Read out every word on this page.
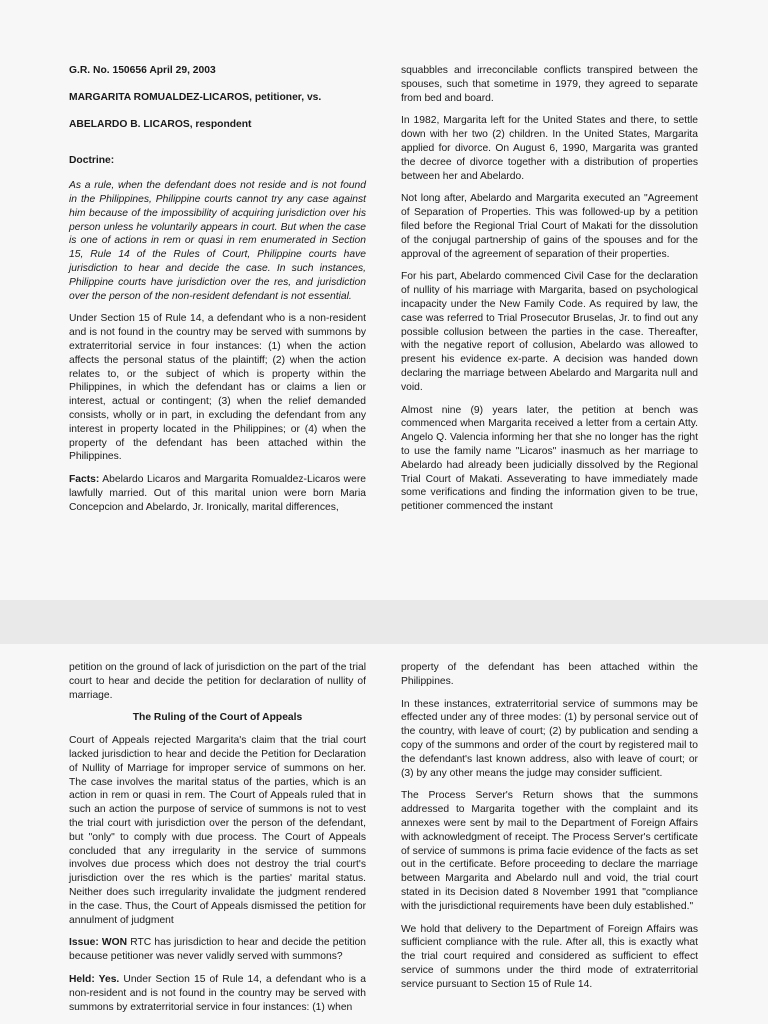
G.R. No. 150656 April 29, 2003

MARGARITA ROMUALDEZ-LICAROS, petitioner, vs.

ABELARDO B. LICAROS, respondent

Doctrine:

As a rule, when the defendant does not reside and is not found in the Philippines, Philippine courts cannot try any case against him because of the impossibility of acquiring jurisdiction over his person unless he voluntarily appears in court. But when the case is one of actions in rem or quasi in rem enumerated in Section 15, Rule 14 of the Rules of Court, Philippine courts have jurisdiction to hear and decide the case. In such instances, Philippine courts have jurisdiction over the res, and jurisdiction over the person of the non-resident defendant is not essential.

Under Section 15 of Rule 14, a defendant who is a non-resident and is not found in the country may be served with summons by extraterritorial service in four instances: (1) when the action affects the personal status of the plaintiff; (2) when the action relates to, or the subject of which is property within the Philippines, in which the defendant has or claims a lien or interest, actual or contingent; (3) when the relief demanded consists, wholly or in part, in excluding the defendant from any interest in property located in the Philippines; or (4) when the property of the defendant has been attached within the Philippines.

Facts: Abelardo Licaros and Margarita Romualdez-Licaros were lawfully married. Out of this marital union were born Maria Concepcion and Abelardo, Jr. Ironically, marital differences,

squabbles and irreconcilable conflicts transpired between the spouses, such that sometime in 1979, they agreed to separate from bed and board.

In 1982, Margarita left for the United States and there, to settle down with her two (2) children. In the United States, Margarita applied for divorce. On August 6, 1990, Margarita was granted the decree of divorce together with a distribution of properties between her and Abelardo.

Not long after, Abelardo and Margarita executed an "Agreement of Separation of Properties. This was followed-up by a petition filed before the Regional Trial Court of Makati for the dissolution of the conjugal partnership of gains of the spouses and for the approval of the agreement of separation of their properties.

For his part, Abelardo commenced Civil Case for the declaration of nullity of his marriage with Margarita, based on psychological incapacity under the New Family Code. As required by law, the case was referred to Trial Prosecutor Bruselas, Jr. to find out any possible collusion between the parties in the case. Thereafter, with the negative report of collusion, Abelardo was allowed to present his evidence ex-parte. A decision was handed down declaring the marriage between Abelardo and Margarita null and void.

Almost nine (9) years later, the petition at bench was commenced when Margarita received a letter from a certain Atty. Angelo Q. Valencia informing her that she no longer has the right to use the family name "Licaros" inasmuch as her marriage to Abelardo had already been judicially dissolved by the Regional Trial Court of Makati. Asseverating to have immediately made some verifications and finding the information given to be true, petitioner commenced the instant

petition on the ground of lack of jurisdiction on the part of the trial court to hear and decide the petition for declaration of nullity of marriage.

The Ruling of the Court of Appeals

Court of Appeals rejected Margarita's claim that the trial court lacked jurisdiction to hear and decide the Petition for Declaration of Nullity of Marriage for improper service of summons on her. The case involves the marital status of the parties, which is an action in rem or quasi in rem. The Court of Appeals ruled that in such an action the purpose of service of summons is not to vest the trial court with jurisdiction over the person of the defendant, but "only" to comply with due process. The Court of Appeals concluded that any irregularity in the service of summons involves due process which does not destroy the trial court's jurisdiction over the res which is the parties' marital status. Neither does such irregularity invalidate the judgment rendered in the case. Thus, the Court of Appeals dismissed the petition for annulment of judgment

Issue: WON RTC has jurisdiction to hear and decide the petition because petitioner was never validly served with summons?

Held: Yes. Under Section 15 of Rule 14, a defendant who is a non-resident and is not found in the country may be served with summons by extraterritorial service in four instances: (1) when

property of the defendant has been attached within the Philippines.

In these instances, extraterritorial service of summons may be effected under any of three modes: (1) by personal service out of the country, with leave of court; (2) by publication and sending a copy of the summons and order of the court by registered mail to the defendant's last known address, also with leave of court; or (3) by any other means the judge may consider sufficient.

The Process Server's Return shows that the summons addressed to Margarita together with the complaint and its annexes were sent by mail to the Department of Foreign Affairs with acknowledgment of receipt. The Process Server's certificate of service of summons is prima facie evidence of the facts as set out in the certificate. Before proceeding to declare the marriage between Margarita and Abelardo null and void, the trial court stated in its Decision dated 8 November 1991 that "compliance with the jurisdictional requirements have been duly established."

We hold that delivery to the Department of Foreign Affairs was sufficient compliance with the rule. After all, this is exactly what the trial court required and considered as sufficient to effect service of summons under the third mode of extraterritorial service pursuant to Section 15 of Rule 14.
